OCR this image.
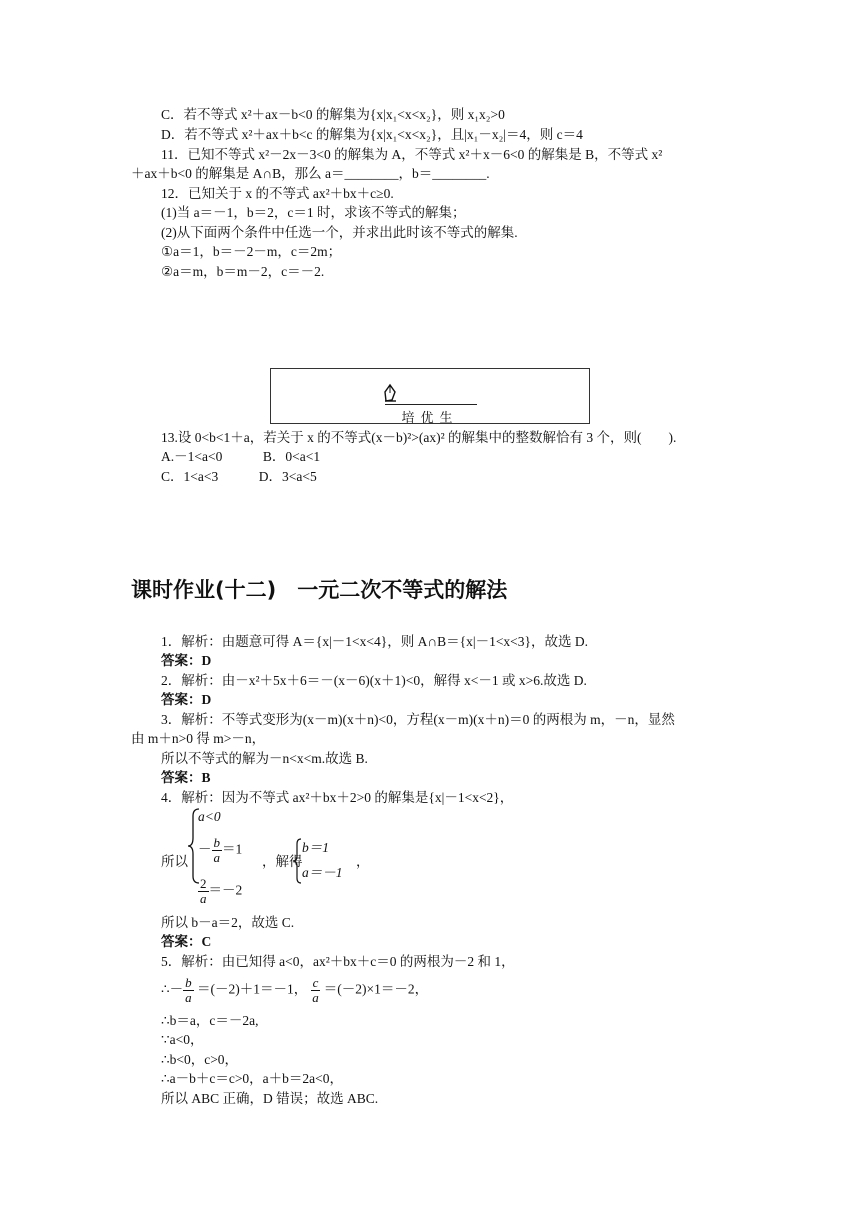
C．若不等式 x²＋ax－b<0 的解集为{x|x₁<x<x₂}，则 x₁x₂>0
D．若不等式 x²＋ax＋b<c 的解集为{x|x₁<x<x₂}，且|x₁－x₂|＝4，则 c＝4
11．已知不等式 x²－2x－3<0 的解集为 A，不等式 x²＋x－6<0 的解集是 B，不等式 x²
＋ax＋b<0 的解集是 A∩B，那么 a＝________，b＝________.
12．已知关于 x 的不等式 ax²＋bx＋c≥0.
(1)当 a＝－1，b＝2，c＝1 时，求该不等式的解集；
(2)从下面两个条件中任选一个，并求出此时该不等式的解集.
①a＝1，b＝－2－m，c＝2m；
②a＝m，b＝m－2，c＝－2.
培优生
13.设 0<b<1＋a，若关于 x 的不等式(x－b)²>(ax)² 的解集中的整数解恰有 3 个，则(　　).
A.－1<a<0　　　B．0<a<1
C．1<a<3　　　D．3<a<5
课时作业(十二)　一元二次不等式的解法
1．解析：由题意可得 A＝{x|－1<x<4}，则 A∩B＝{x|－1<x<3}，故选 D.
答案：D
2．解析：由－x²＋5x＋6＝－(x－6)(x＋1)<0，解得 x<－1 或 x>6.故选 D.
答案：D
3．解析：不等式变形为(x－m)(x＋n)<0，方程(x－m)(x＋n)＝0 的两根为 m，－n，显然
由 m＋n>0 得 m>－n，
所以不等式的解为－n<x<m.故选 B.
答案：B
4．解析：因为不等式 ax²＋bx＋2>0 的解集是{x|－1<x<2}，
所以
a<0
－ $\frac{b}{a} =1$
$\frac{2}{a} =-2$
，解得
b＝1
a＝－1
，
所以 b－a＝2，故选 C.
答案：C
5．解析：由已知得 a<0，ax²＋bx＋c＝0 的两根为－2 和 1，
∴－ $\frac{b}{a} =(-2)+1=-1$， $\frac{c}{a} =(-2)\times 1=-2$，
∴b＝a，c＝－2a,
∵a<0，
∴b<0，c>0，
∴a－b＋c＝c>0，a＋b＝2a<0，
所以 ABC 正确，D 错误；故选 ABC.
